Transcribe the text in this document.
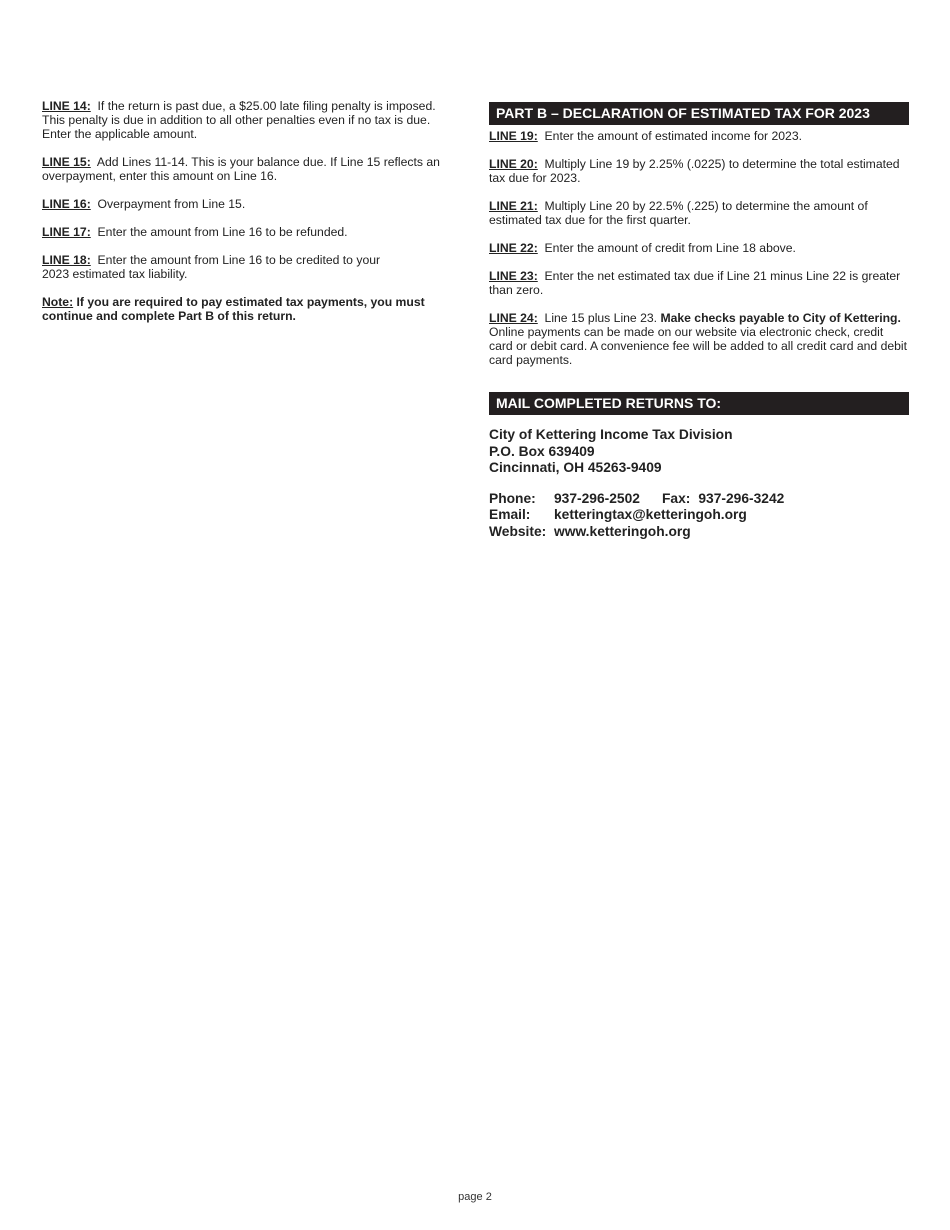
LINE 14: If the return is past due, a $25.00 late filing penalty is imposed. This penalty is due in addition to all other penalties even if no tax is due. Enter the applicable amount.

LINE 15: Add Lines 11-14. This is your balance due. If Line 15 reflects an overpayment, enter this amount on Line 16.

LINE 16: Overpayment from Line 15.

LINE 17: Enter the amount from Line 16 to be refunded.

LINE 18: Enter the amount from Line 16 to be credited to your
2023 estimated tax liability.

Note: If you are required to pay estimated tax payments, you must continue and complete Part B of this return.

PART B – DECLARATION OF ESTIMATED TAX FOR 2023

LINE 19: Enter the amount of estimated income for 2023.

LINE 20: Multiply Line 19 by 2.25% (.0225) to determine the total estimated tax due for 2023.

LINE 21: Multiply Line 20 by 22.5% (.225) to determine the amount of estimated tax due for the first quarter.

LINE 22: Enter the amount of credit from Line 18 above.

LINE 23: Enter the net estimated tax due if Line 21 minus Line 22 is greater than zero.

LINE 24: Line 15 plus Line 23. Make checks payable to City of Kettering. Online payments can be made on our website via electronic check, credit card or debit card. A convenience fee will be added to all credit card and debit card payments.

MAIL COMPLETED RETURNS TO:
City of Kettering Income Tax Division
P.O. Box 639409
Cincinnati, OH 45263-9409
Phone:	937-296-2502	Fax: 937-296-3242
Email:	ketteringtax@ketteringoh.org
Website: www.ketteringoh.org
page 2
